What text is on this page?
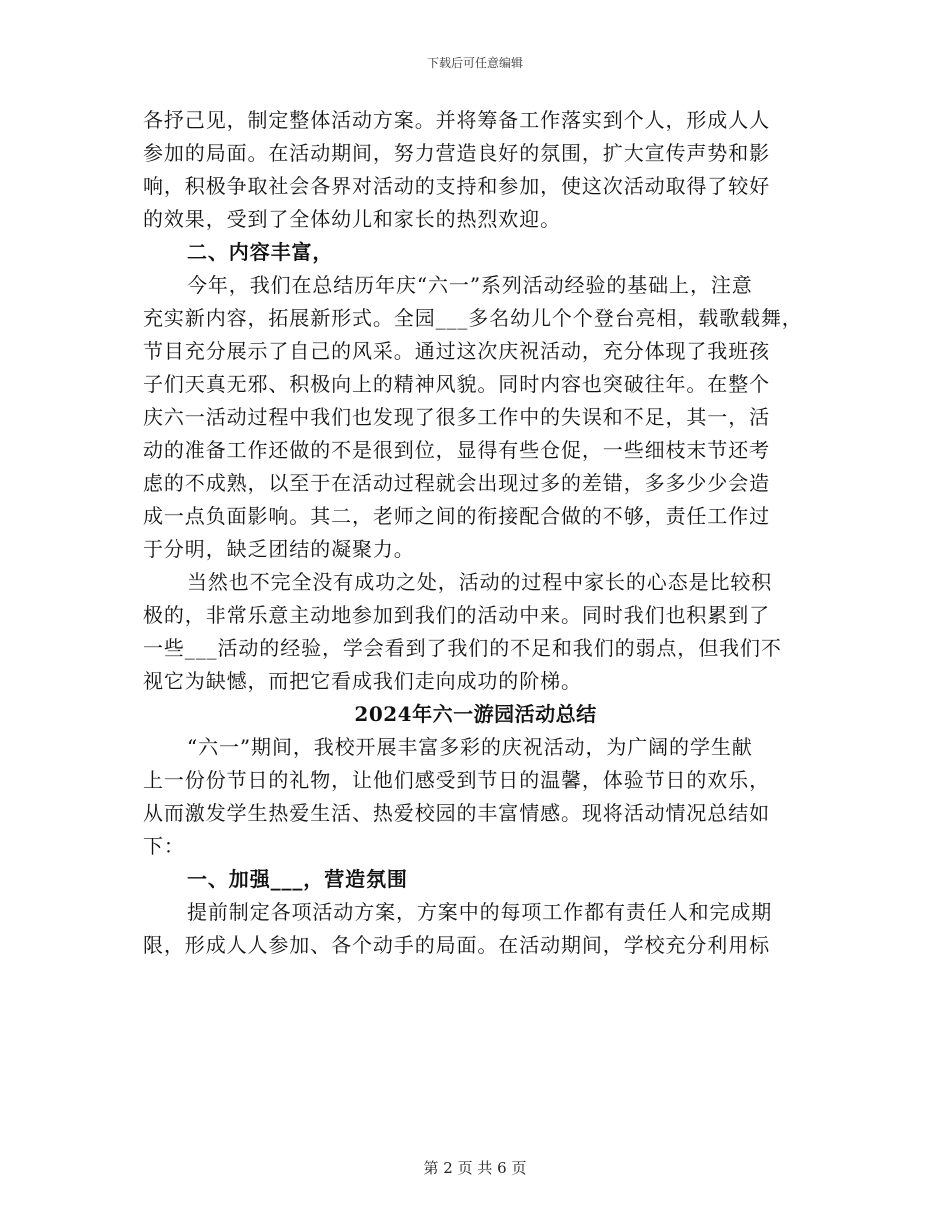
下载后可任意编辑
各抒己见，制定整体活动方案。并将筹备工作落实到个人，形成人人
参加的局面。在活动期间，努力营造良好的氛围，扩大宣传声势和影
响，积极争取社会各界对活动的支持和参加，使这次活动取得了较好
的效果，受到了全体幼儿和家长的热烈欢迎。
二、内容丰富，
今年，我们在总结历年庆“六一”系列活动经验的基础上，注意
充实新内容，拓展新形式。全园___多名幼儿个个登台亮相，载歌载舞，
节目充分展示了自己的风采。通过这次庆祝活动，充分体现了我班孩
子们天真无邪、积极向上的精神风貌。同时内容也突破往年。在整个
庆六一活动过程中我们也发现了很多工作中的失误和不足，其一，活
动的准备工作还做的不是很到位，显得有些仓促，一些细枝末节还考
虑的不成熟，以至于在活动过程就会出现过多的差错，多多少少会造
成一点负面影响。其二，老师之间的衔接配合做的不够，责任工作过
于分明，缺乏团结的凝聚力。
当然也不完全没有成功之处，活动的过程中家长的心态是比较积
极的，非常乐意主动地参加到我们的活动中来。同时我们也积累到了
一些___活动的经验，学会看到了我们的不足和我们的弱点，但我们不
视它为缺憾，而把它看成我们走向成功的阶梯。
2024年六一游园活动总结
“六一”期间，我校开展丰富多彩的庆祝活动，为广阔的学生献
上一份份节日的礼物，让他们感受到节日的温馨，体验节日的欢乐，
从而激发学生热爱生活、热爱校园的丰富情感。现将活动情况总结如
下：
一、加强___，营造氛围
提前制定各项活动方案，方案中的每项工作都有责任人和完成期
限，形成人人参加、各个动手的局面。在活动期间，学校充分利用标
第 2 页 共 6 页
